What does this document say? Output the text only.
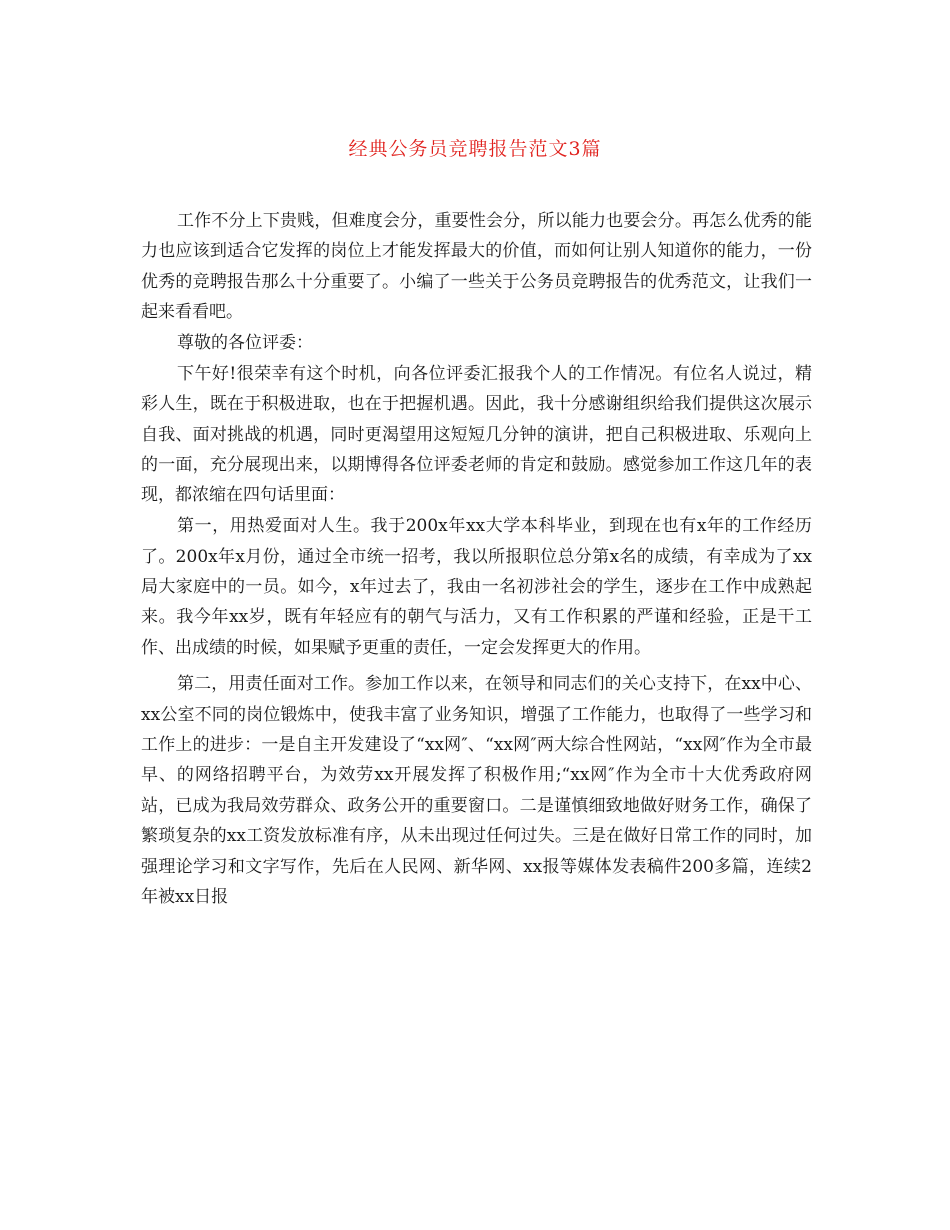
经典公务员竞聘报告范文3篇

工作不分上下贵贱，但难度会分，重要性会分，所以能力也要会分。再怎么优秀的能力也应该到适合它发挥的岗位上才能发挥最大的价值，而如何让别人知道你的能力，一份优秀的竞聘报告那么十分重要了。小编了一些关于公务员竞聘报告的优秀范文，让我们一起来看看吧。

尊敬的各位评委：

下午好!很荣幸有这个时机，向各位评委汇报我个人的工作情况。有位名人说过，精彩人生，既在于积极进取，也在于把握机遇。因此，我十分感谢组织给我们提供这次展示自我、面对挑战的机遇，同时更渴望用这短短几分钟的演讲，把自己积极进取、乐观向上的一面，充分展现出来，以期博得各位评委老师的肯定和鼓励。感觉参加工作这几年的表现，都浓缩在四句话里面：

第一，用热爱面对人生。我于200x年xx大学本科毕业，到现在也有x年的工作经历了。200x年x月份，通过全市统一招考，我以所报职位总分第x名的成绩，有幸成为了xx局大家庭中的一员。如今，x年过去了，我由一名初涉社会的学生，逐步在工作中成熟起来。我今年xx岁，既有年轻应有的朝气与活力，又有工作积累的严谨和经验，正是干工作、出成绩的时候，如果赋予更重的责任，一定会发挥更大的作用。

第二，用责任面对工作。参加工作以来，在领导和同志们的关心支持下，在xx中心、xx公室不同的岗位锻炼中，使我丰富了业务知识，增强了工作能力，也取得了一些学习和工作上的进步：一是自主开发建设了“xx网″、“xx网″两大综合性网站，“xx网″作为全市最早、的网络招聘平台，为效劳xx开展发挥了积极作用;“xx网″作为全市十大优秀政府网站，已成为我局效劳群众、政务公开的重要窗口。二是谨慎细致地做好财务工作，确保了繁琐复杂的xx工资发放标准有序，从未出现过任何过失。三是在做好日常工作的同时，加强理论学习和文字写作，先后在人民网、新华网、xx报等媒体发表稿件200多篇，连续2年被xx日报
